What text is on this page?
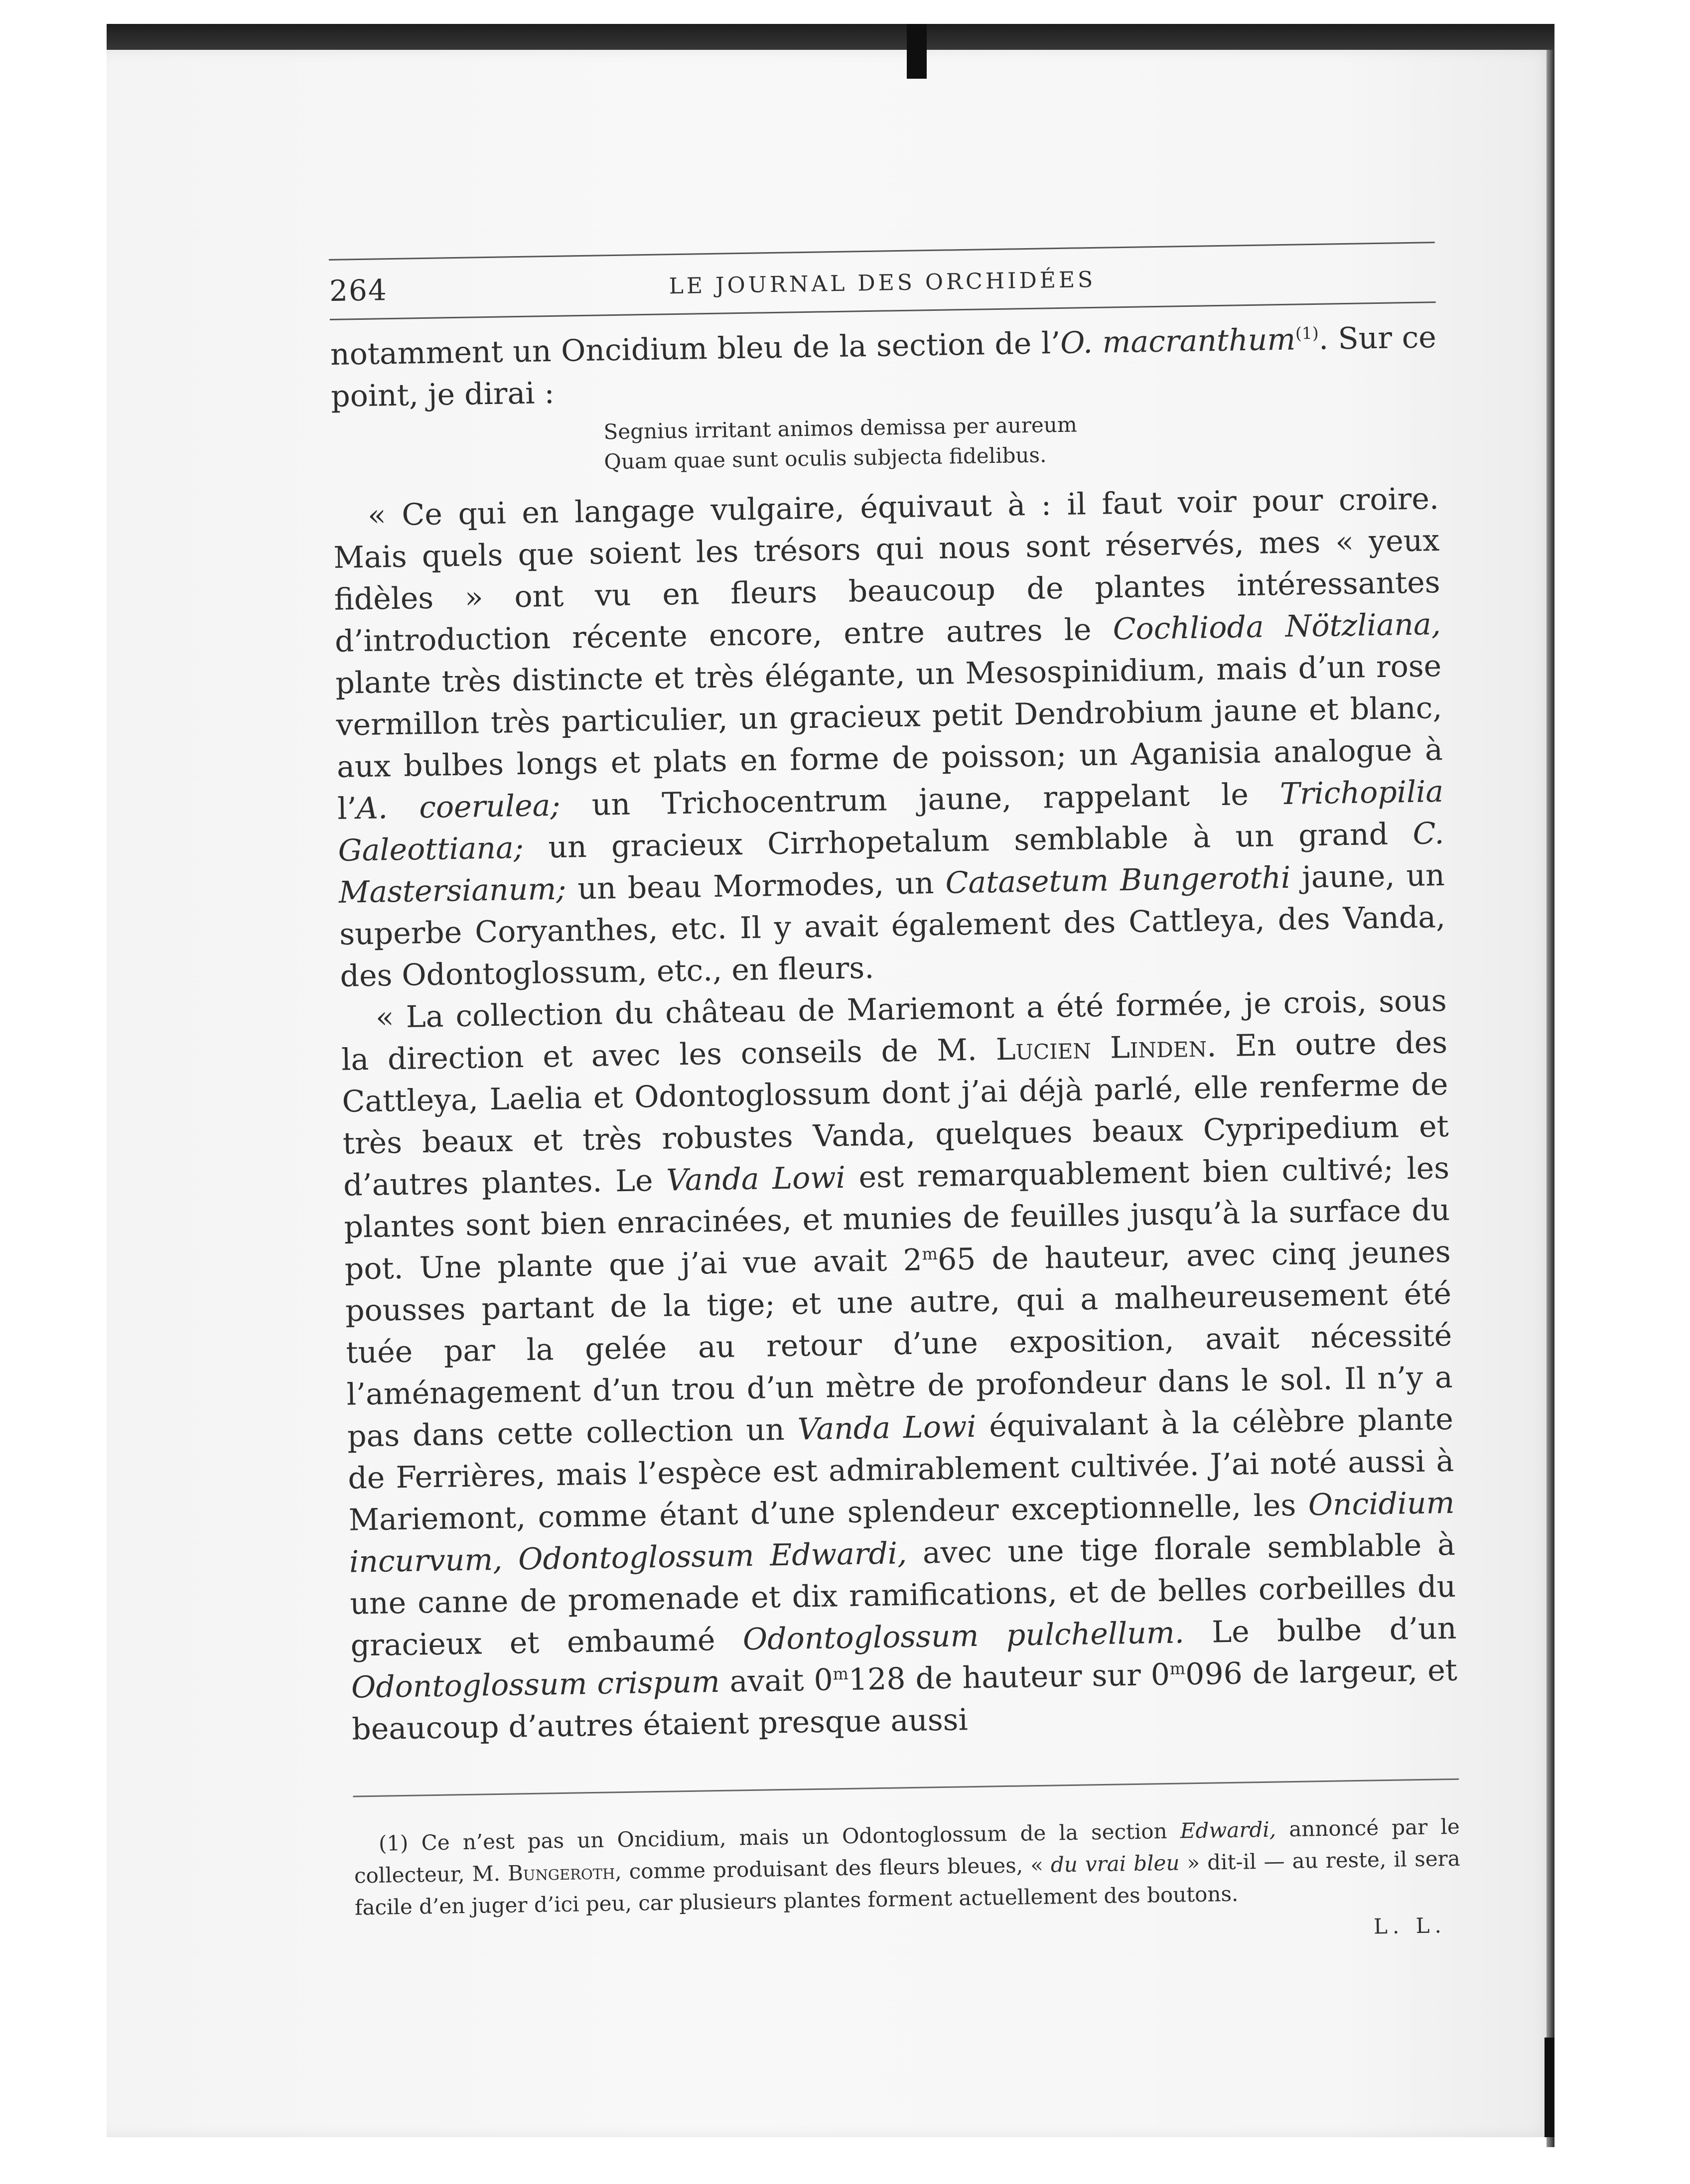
264	LE JOURNAL DES ORCHIDÉES

notamment un Oncidium bleu de la section de l’O. macranthum$^{(1)}$. Sur ce point, je dirai :

Segnius irritant animos demissa per aureum
Quam quae sunt oculis subjecta fidelibus.

« Ce qui en langage vulgaire, équivaut à : il faut voir pour croire. Mais quels que soient les trésors qui nous sont réservés, mes « yeux fidèles » ont vu en fleurs beaucoup de plantes intéressantes d’introduction récente encore, entre autres le Cochlioda Nötzliana, plante très distincte et très élégante, un Mesospinidium, mais d’un rose vermillon très particulier, un gracieux petit Dendrobium jaune et blanc, aux bulbes longs et plats en forme de poisson; un Aganisia analogue à l’A. coerulea; un Trichocentrum jaune, rappelant le Trichopilia Galeottiana; un gracieux Cirrhopetalum semblable à un grand C. Mastersianum; un beau Mormodes, un Catasetum Bungerothi jaune, un superbe Coryanthes, etc. Il y avait également des Cattleya, des Vanda, des Odontoglossum, etc., en fleurs.

« La collection du château de Mariemont a été formée, je crois, sous la direction et avec les conseils de M. Lucien Linden. En outre des Cattleya, Laelia et Odontoglossum dont j’ai déjà parlé, elle renferme de très beaux et très robustes Vanda, quelques beaux Cypripedium et d’autres plantes. Le Vanda Lowi est remarquablement bien cultivé; les plantes sont bien enracinées, et munies de feuilles jusqu’à la surface du pot. Une plante que j’ai vue avait 2$^m$65 de hauteur, avec cinq jeunes pousses partant de la tige; et une autre, qui a malheureusement été tuée par la gelée au retour d’une exposition, avait nécessité l’aménagement d’un trou d’un mètre de profondeur dans le sol. Il n’y a pas dans cette collection un Vanda Lowi équivalant à la célèbre plante de Ferrières, mais l’espèce est admirablement cultivée. J’ai noté aussi à Mariemont, comme étant d’une splendeur exceptionnelle, les Oncidium incurvum, Odontoglossum Edwardi, avec une tige florale semblable à une canne de promenade et dix ramifications, et de belles corbeilles du gracieux et embaumé Odontoglossum pulchellum. Le bulbe d’un Odontoglossum crispum avait 0$^m$128 de hauteur sur 0$^m$096 de largeur, et beaucoup d’autres étaient presque aussi

(1) Ce n’est pas un Oncidium, mais un Odontoglossum de la section Edwardi, annoncé par le collecteur, M. Bungeroth, comme produisant des fleurs bleues, « du vrai bleu » dit-il — au reste, il sera facile d’en juger d’ici peu, car plusieurs plantes forment actuellement des boutons.

L. L.
